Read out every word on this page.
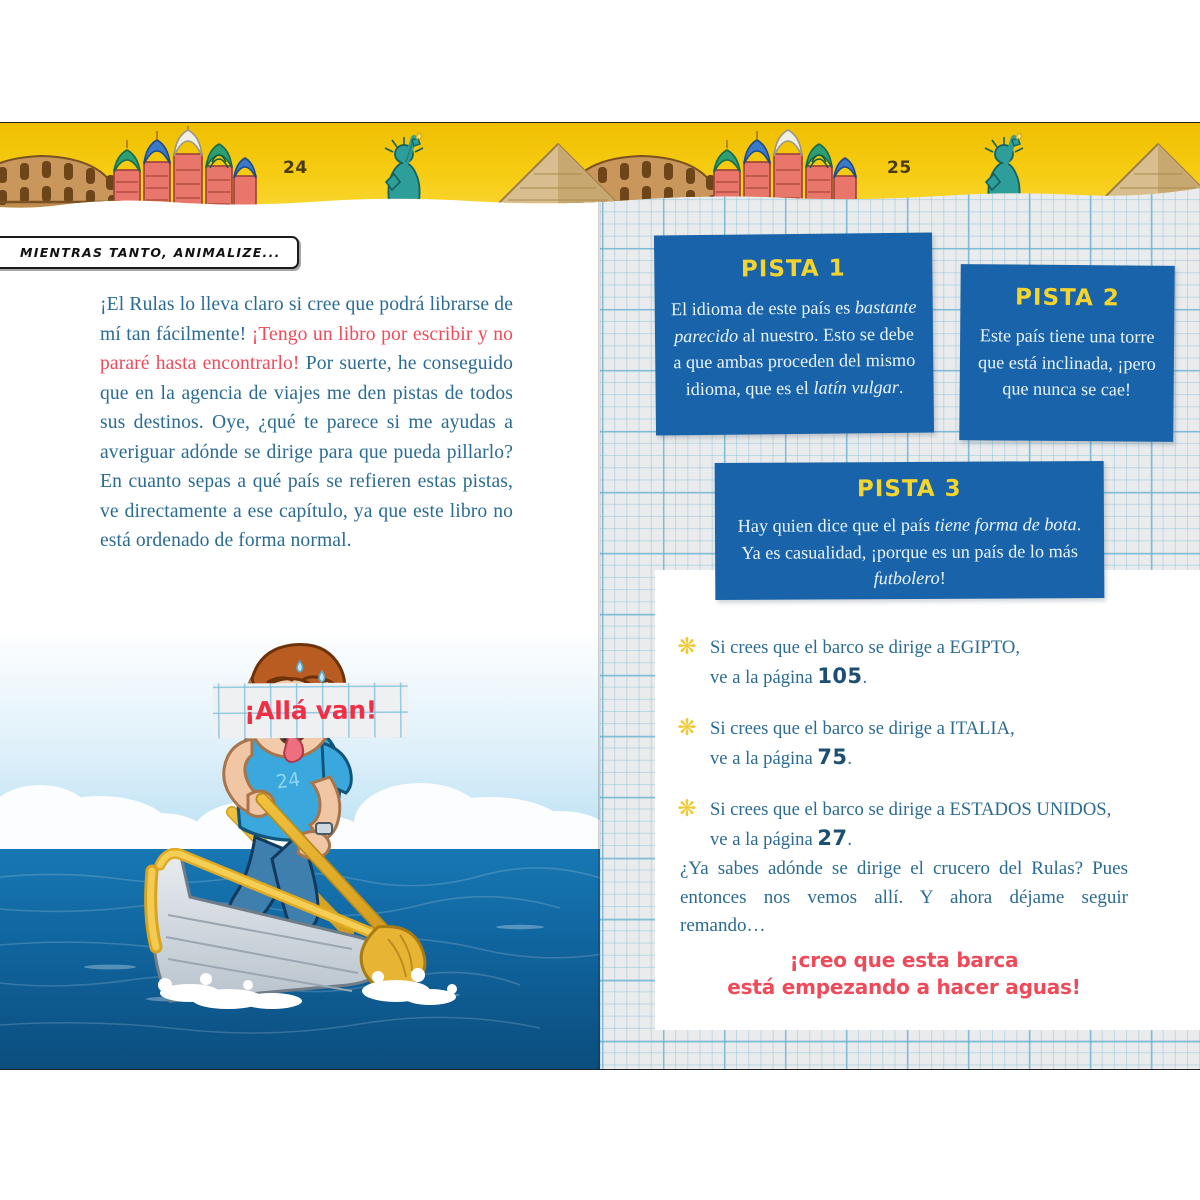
24
MIENTRAS TANTO, ANIMALIZE...
¡El Rulas lo lleva claro si cree que podrá librarse de mí tan fácilmente! ¡Tengo un libro por escribir y no pararé hasta encontrarlo! Por suerte, he conseguido que en la agencia de viajes me den pistas de todos sus destinos. Oye, ¿qué te parece si me ayudas a averiguar adónde se dirige para que pueda pillarlo? En cuanto sepas a qué país se refieren estas pistas, ve directamente a ese capítulo, ya que este libro no está ordenado de forma normal.
¡Allá van!
PISTA 1
El idioma de este país es bastante parecido al nuestro. Esto se debe a que ambas proceden del mismo idioma, que es el latín vulgar.
PISTA 2
Este país tiene una torre que está inclinada, ¡pero que nunca se cae!
PISTA 3
Hay quien dice que el país tiene forma de bota. Ya es casualidad, ¡porque es un país de lo más futbolero!
❋ Si crees que el barco se dirige a EGIPTO,
ve a la página 105.
❋ Si crees que el barco se dirige a ITALIA,
ve a la página 75.
❋ Si crees que el barco se dirige a ESTADOS UNIDOS,
ve a la página 27.
¿Ya sabes adónde se dirige el crucero del Rulas? Pues entonces nos vemos allí. Y ahora déjame seguir remando…
¡creo que esta barca
está empezando a hacer aguas!
24	25
